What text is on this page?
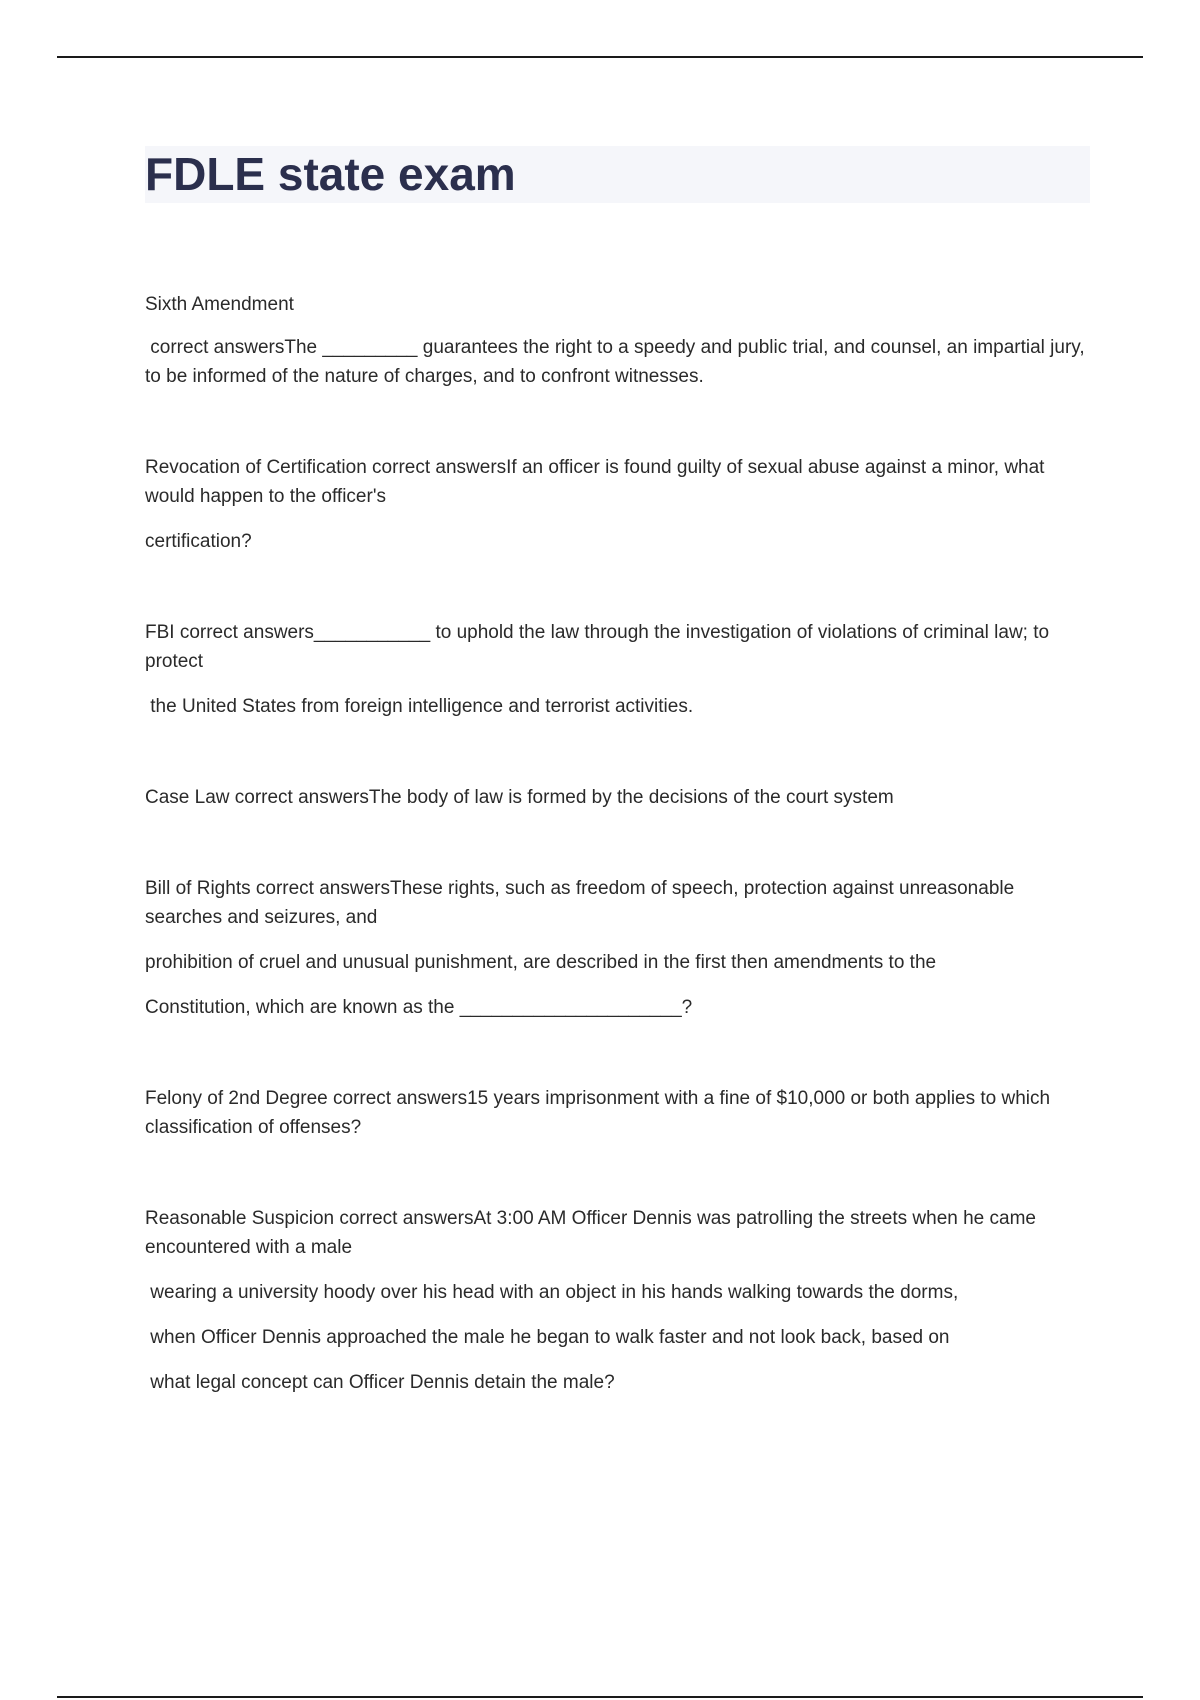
FDLE state exam

Sixth Amendment

correct answersThe _________ guarantees the right to a speedy and public trial, and counsel, an impartial jury, to be informed of the nature of charges, and to confront witnesses.

Revocation of Certification correct answersIf an officer is found guilty of sexual abuse against a minor, what would happen to the officer's

certification?

FBI correct answers___________ to uphold the law through the investigation of violations of criminal law; to protect

the United States from foreign intelligence and terrorist activities.

Case Law correct answersThe body of law is formed by the decisions of the court system

Bill of Rights correct answersThese rights, such as freedom of speech, protection against unreasonable searches and seizures, and

prohibition of cruel and unusual punishment, are described in the first then amendments to the

Constitution, which are known as the _____________________?

Felony of 2nd Degree correct answers15 years imprisonment with a fine of $10,000 or both applies to which classification of offenses?

Reasonable Suspicion correct answersAt 3:00 AM Officer Dennis was patrolling the streets when he came encountered with a male

wearing a university hoody over his head with an object in his hands walking towards the dorms,

when Officer Dennis approached the male he began to walk faster and not look back, based on

what legal concept can Officer Dennis detain the male?
